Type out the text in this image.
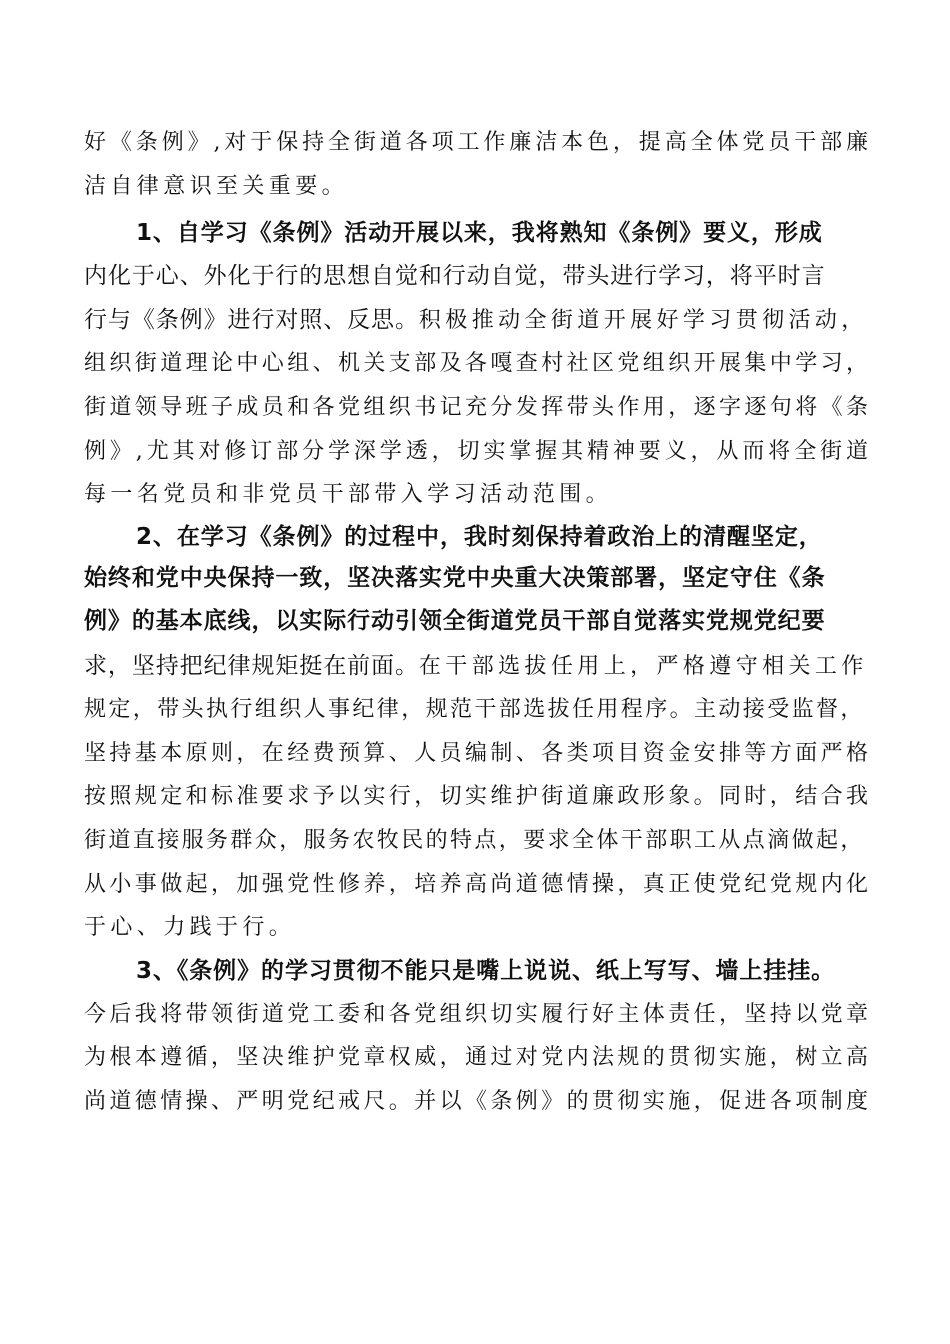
好《条例》,对于保持全街道各项工作廉洁本色，提高全体党员干部廉
洁自律意识至关重要。
1、自学习《条例》活动开展以来，我将熟知《条例》要义，形成
内化于心、外化于行的思想自觉和行动自觉，带头进行学习，将平时言
行与《条例》进行对照、反思。积极推动全街道开展好学习贯彻活动，
组织街道理论中心组、机关支部及各嘎查村社区党组织开展集中学习，
街道领导班子成员和各党组织书记充分发挥带头作用，逐字逐句将《条
例》,尤其对修订部分学深学透，切实掌握其精神要义，从而将全街道
每一名党员和非党员干部带入学习活动范围。
2、在学习《条例》的过程中，我时刻保持着政治上的清醒坚定，
始终和党中央保持一致，坚决落实党中央重大决策部署，坚定守住《条
例》的基本底线，以实际行动引领全街道党员干部自觉落实党规党纪要
求，坚持把纪律规矩挺在前面。在干部选拔任用上，严格遵守相关工作
规定，带头执行组织人事纪律，规范干部选拔任用程序。主动接受监督，
坚持基本原则，在经费预算、人员编制、各类项目资金安排等方面严格
按照规定和标准要求予以实行，切实维护街道廉政形象。同时，结合我
街道直接服务群众，服务农牧民的特点，要求全体干部职工从点滴做起，
从小事做起，加强党性修养，培养高尚道德情操，真正使党纪党规内化
于心、力践于行。
3、《条例》的学习贯彻不能只是嘴上说说、纸上写写、墙上挂挂。
今后我将带领街道党工委和各党组织切实履行好主体责任，坚持以党章
为根本遵循，坚决维护党章权威，通过对党内法规的贯彻实施，树立高
尚道德情操、严明党纪戒尺。并以《条例》的贯彻实施，促进各项制度
